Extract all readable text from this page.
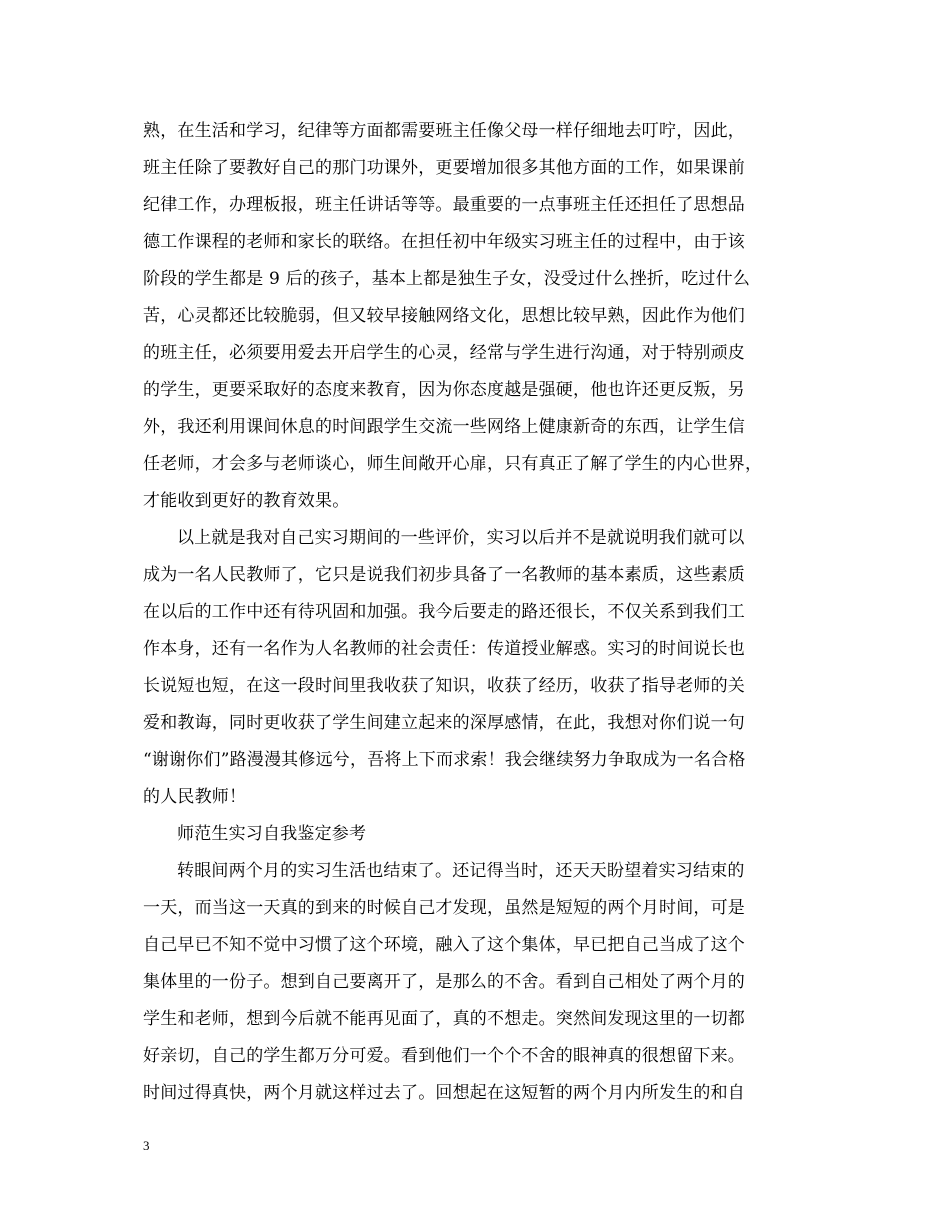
熟，在生活和学习，纪律等方面都需要班主任像父母一样仔细地去叮咛，因此，
班主任除了要教好自己的那门功课外，更要增加很多其他方面的工作，如果课前
纪律工作，办理板报，班主任讲话等等。最重要的一点事班主任还担任了思想品
德工作课程的老师和家长的联络。在担任初中年级实习班主任的过程中，由于该
阶段的学生都是 9 后的孩子，基本上都是独生子女，没受过什么挫折，吃过什么
苦，心灵都还比较脆弱，但又较早接触网络文化，思想比较早熟，因此作为他们
的班主任，必须要用爱去开启学生的心灵，经常与学生进行沟通，对于特别顽皮
的学生，更要采取好的态度来教育，因为你态度越是强硬，他也许还更反叛，另
外，我还利用课间休息的时间跟学生交流一些网络上健康新奇的东西，让学生信
任老师，才会多与老师谈心，师生间敞开心扉，只有真正了解了学生的内心世界，
才能收到更好的教育效果。
以上就是我对自己实习期间的一些评价，实习以后并不是就说明我们就可以
成为一名人民教师了，它只是说我们初步具备了一名教师的基本素质，这些素质
在以后的工作中还有待巩固和加强。我今后要走的路还很长，不仅关系到我们工
作本身，还有一名作为人名教师的社会责任：传道授业解惑。实习的时间说长也
长说短也短，在这一段时间里我收获了知识，收获了经历，收获了指导老师的关
爱和教诲，同时更收获了学生间建立起来的深厚感情，在此，我想对你们说一句
“谢谢你们”路漫漫其修远兮，吾将上下而求索！我会继续努力争取成为一名合格
的人民教师！
师范生实习自我鉴定参考
转眼间两个月的实习生活也结束了。还记得当时，还天天盼望着实习结束的
一天，而当这一天真的到来的时候自己才发现，虽然是短短的两个月时间，可是
自己早已不知不觉中习惯了这个环境，融入了这个集体，早已把自己当成了这个
集体里的一份子。想到自己要离开了，是那么的不舍。看到自己相处了两个月的
学生和老师，想到今后就不能再见面了，真的不想走。突然间发现这里的一切都
好亲切，自己的学生都万分可爱。看到他们一个个不舍的眼神真的很想留下来。
时间过得真快，两个月就这样过去了。回想起在这短暂的两个月内所发生的和自
3
